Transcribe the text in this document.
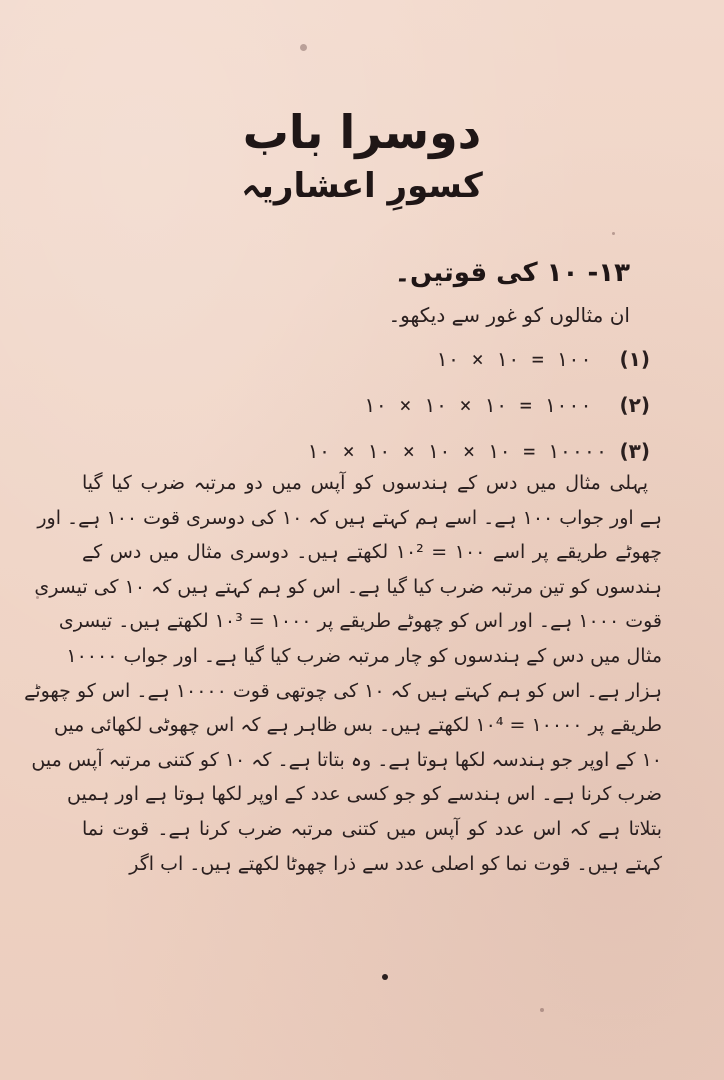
دوسرا باب
کسورِ اعشاریہ
۱۳- ۱۰ کی قوتیں۔
ان مثالوں کو غور سے دیکھو۔
(۱)
۱۰ × ۱۰ = ۱۰۰
(۲)
۱۰ × ۱۰ × ۱۰ = ۱۰۰۰
(۳)
۱۰ × ۱۰ × ۱۰ × ۱۰ = ۱۰۰۰۰
پہلی مثال میں دس کے ہندسوں کو آپس میں دو مرتبہ ضرب کیا گیا
ہے اور جواب ۱۰۰ ہے۔ اسے ہم کہتے ہیں کہ ۱۰ کی دوسری قوت ۱۰۰ ہے۔ اور
چھوٹے طریقے پر اسے ۱۰۰ = ۱۰² لکھتے ہیں۔ دوسری مثال میں دس کے
ہندسوں کو تین مرتبہ ضرب کیا گیا ہے۔ اس کو ہم کہتے ہیں کہ ۱۰ کی تیسری
قوت ۱۰۰۰ ہے۔ اور اس کو چھوٹے طریقے پر ۱۰۰۰ = ۱۰³ لکھتے ہیں۔ تیسری
مثال میں دس کے ہندسوں کو چار مرتبہ ضرب کیا گیا ہے۔ اور جواب ۱۰۰۰۰
ہزار ہے۔ اس کو ہم کہتے ہیں کہ ۱۰ کی چوتھی قوت ۱۰۰۰۰ ہے۔ اس کو چھوٹے
طریقے پر ۱۰۰۰۰ = ۱۰⁴ لکھتے ہیں۔ بس ظاہر ہے کہ اس چھوٹی لکھائی میں
۱۰ کے اوپر جو ہندسہ لکھا ہوتا ہے۔ وہ بتاتا ہے۔ کہ ۱۰ کو کتنی مرتبہ آپس میں
ضرب کرنا ہے۔ اس ہندسے کو جو کسی عدد کے اوپر لکھا ہوتا ہے اور ہمیں
بتلاتا ہے کہ اس عدد کو آپس میں کتنی مرتبہ ضرب کرنا ہے۔ قوت نما
کہتے ہیں۔ قوت نما کو اصلی عدد سے ذرا چھوٹا لکھتے ہیں۔ اب اگر
